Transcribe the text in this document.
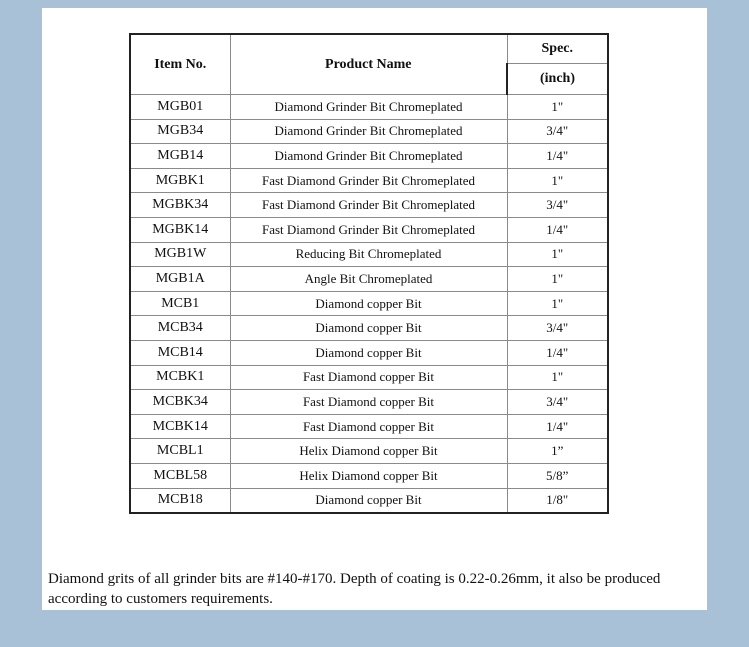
Item No.	Product Name	Spec.
		(inch)
MGB01	Diamond Grinder Bit Chromeplated	1"
MGB34	Diamond Grinder Bit Chromeplated	3/4"
MGB14	Diamond Grinder Bit Chromeplated	1/4"
MGBK1	Fast Diamond Grinder Bit Chromeplated	1"
MGBK34	Fast Diamond Grinder Bit Chromeplated	3/4"
MGBK14	Fast Diamond Grinder Bit Chromeplated	1/4"
MGB1W	Reducing Bit Chromeplated	1"
MGB1A	Angle Bit Chromeplated	1"
MCB1	Diamond copper Bit	1"
MCB34	Diamond copper Bit	3/4"
MCB14	Diamond copper Bit	1/4"
MCBK1	Fast Diamond copper Bit	1"
MCBK34	Fast Diamond copper Bit	3/4"
MCBK14	Fast Diamond copper Bit	1/4"
MCBL1	Helix Diamond copper Bit	1”
MCBL58	Helix Diamond copper Bit	5/8”
MCB18	Diamond copper Bit	1/8"
Diamond grits of all grinder bits are #140-#170. Depth of coating is 0.22-0.26mm, it also be produced according to customers requirements.
